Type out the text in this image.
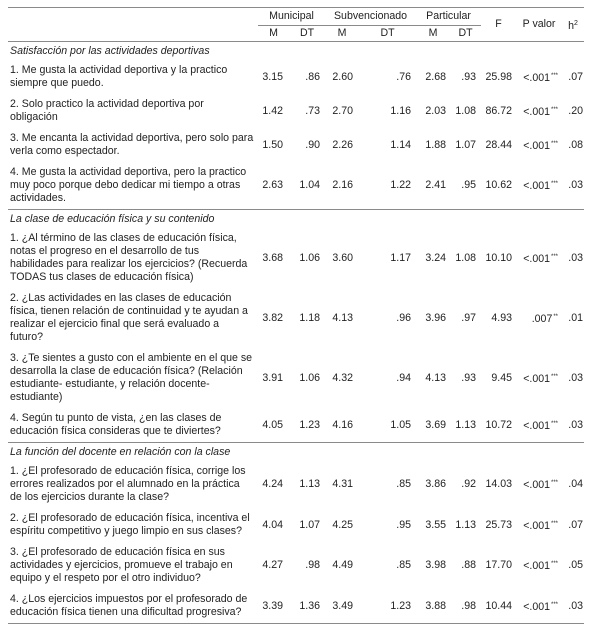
	Municipal		Subvencionado		Particular		F	P valor	$h^2$
	M	DT	M	DT	M	DT			
Satisfacción por las actividades deportivas									
1. Me gusta la actividad deportiva y la practico siempre que puedo.	3.15	.86	2.60	.76	2.68	.93	25.98	<.001***	.07
2. Solo practico la actividad deportiva por obligación	1.42	.73	2.70	1.16	2.03	1.08	86.72	<.001***	.20
3. Me encanta la actividad deportiva, pero solo para verla como espectador.	1.50	.90	2.26	1.14	1.88	1.07	28.44	<.001***	.08
4. Me gusta la actividad deportiva, pero la practico muy poco porque debo dedicar mi tiempo a otras actividades.	2.63	1.04	2.16	1.22	2.41	.95	10.62	<.001***	.03
La clase de educación física y su contenido									
1. ¿Al término de las clases de educación física, notas el progreso en el desarrollo de tus habilidades para realizar los ejercicios? (Recuerda TODAS tus clases de educación física)	3.68	1.06	3.60	1.17	3.24	1.08	10.10	<.001***	.03
2. ¿Las actividades en las clases de educación física, tienen relación de continuidad y te ayudan a realizar el ejercicio final que será evaluado a futuro?	3.82	1.18	4.13	.96	3.96	.97	4.93	.007**	.01
3. ¿Te sientes a gusto con el ambiente en el que se desarrolla la clase de educación física? (Relación estudiante- estudiante, y relación docente-estudiante)	3.91	1.06	4.32	.94	4.13	.93	9.45	<.001***	.03
4. Según tu punto de vista, ¿en las clases de educación física consideras que te diviertes?	4.05	1.23	4.16	1.05	3.69	1.13	10.72	<.001***	.03
La función del docente en relación con la clase									
1. ¿El profesorado de educación física, corrige los errores realizados por el alumnado en la práctica de los ejercicios durante la clase?	4.24	1.13	4.31	.85	3.86	.92	14.03	<.001***	.04
2. ¿El profesorado de educación física, incentiva el espíritu competitivo y juego limpio en sus clases?	4.04	1.07	4.25	.95	3.55	1.13	25.73	<.001***	.07
3. ¿El profesorado de educación física en sus actividades y ejercicios, promueve el trabajo en equipo y el respeto por el otro individuo?	4.27	.98	4.49	.85	3.98	.88	17.70	<.001***	.05
4. ¿Los ejercicios impuestos por el profesorado de educación física tienen una dificultad progresiva?	3.39	1.36	3.49	1.23	3.88	.98	10.44	<.001***	.03
